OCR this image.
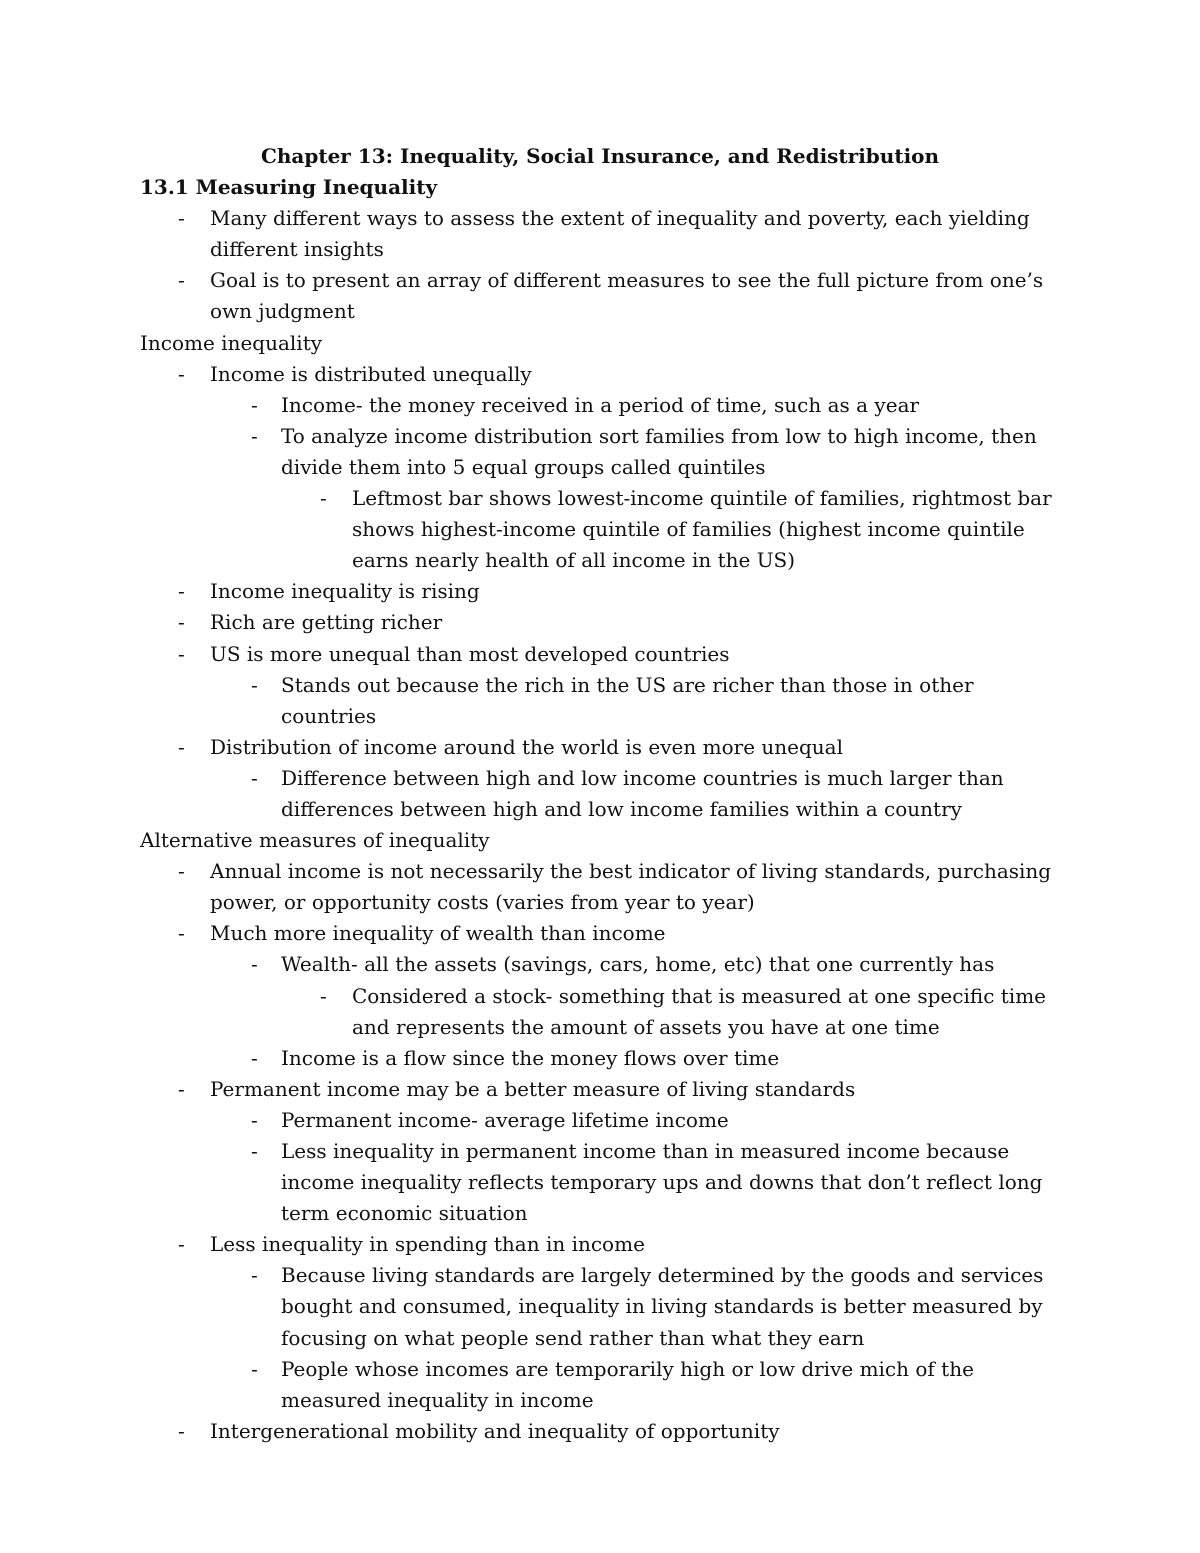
Chapter 13: Inequality, Social Insurance, and Redistribution
13.1 Measuring Inequality
- Many different ways to assess the extent of inequality and poverty, each yielding different insights
- Goal is to present an array of different measures to see the full picture from one’s own judgment
Income inequality
- Income is distributed unequally
- Income- the money received in a period of time, such as a year
- To analyze income distribution sort families from low to high income, then divide them into 5 equal groups called quintiles
- Leftmost bar shows lowest-income quintile of families, rightmost bar shows highest-income quintile of families (highest income quintile earns nearly health of all income in the US)
- Income inequality is rising
- Rich are getting richer
- US is more unequal than most developed countries
- Stands out because the rich in the US are richer than those in other countries
- Distribution of income around the world is even more unequal
- Difference between high and low income countries is much larger than differences between high and low income families within a country
Alternative measures of inequality
- Annual income is not necessarily the best indicator of living standards, purchasing power, or opportunity costs (varies from year to year)
- Much more inequality of wealth than income
- Wealth- all the assets (savings, cars, home, etc) that one currently has
- Considered a stock- something that is measured at one specific time and represents the amount of assets you have at one time
- Income is a flow since the money flows over time
- Permanent income may be a better measure of living standards
- Permanent income- average lifetime income
- Less inequality in permanent income than in measured income because income inequality reflects temporary ups and downs that don’t reflect long term economic situation
- Less inequality in spending than in income
- Because living standards are largely determined by the goods and services bought and consumed, inequality in living standards is better measured by focusing on what people send rather than what they earn
- People whose incomes are temporarily high or low drive mich of the measured inequality in income
- Intergenerational mobility and inequality of opportunity
